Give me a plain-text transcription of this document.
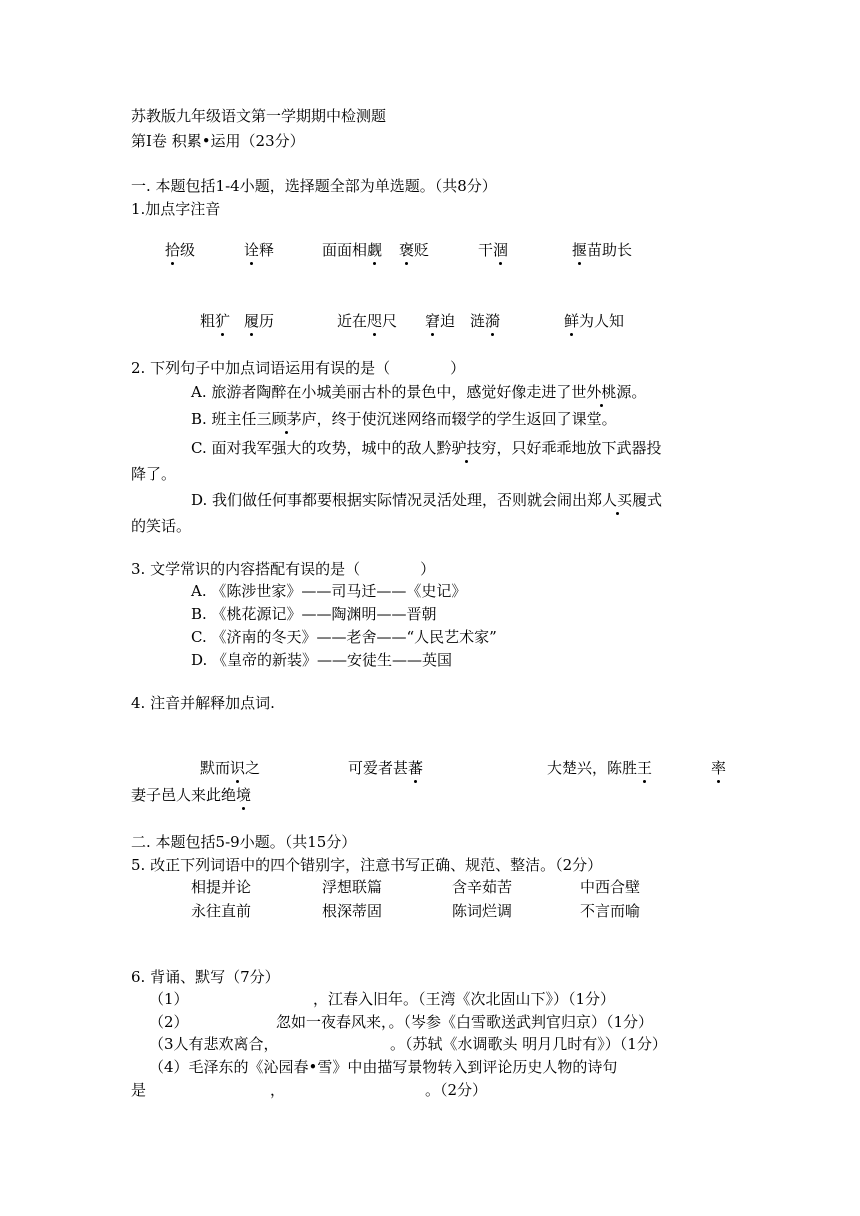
苏教版九年级语文第一学期期中检测题
第Ⅰ卷 积累•运用（23分）
一. 本题包括1-4小题，选择题全部为单选题。（共8分）
1.加点字注音
拾级	诠释	面面相觑 褒贬	干涸	揠苗助长
粗犷 履历	近在咫尺 窘迫 涟漪	鲜为人知
2. 下列句子中加点词语运用有误的是（　　　　）
A. 旅游者陶醉在小城美丽古朴的景色中，感觉好像走进了世外桃源。
B. 班主任三顾茅庐，终于使沉迷网络而辍学的学生返回了课堂。
C. 面对我军强大的攻势，城中的敌人黔驴技穷，只好乖乖地放下武器投
降了。
D. 我们做任何事都要根据实际情况灵活处理，否则就会闹出郑人买履式
的笑话。
3. 文学常识的内容搭配有误的是（　　　　）
A. 《陈涉世家》——司马迁——《史记》
B. 《桃花源记》——陶渊明——晋朝
C. 《济南的冬天》——老舍——“人民艺术家”
D. 《皇帝的新装》——安徒生——英国
4. 注音并解释加点词.
默而识之	可爱者甚蕃	大楚兴，陈胜王	率
妻子邑人来此绝境
二. 本题包括5-9小题。（共15分）
5. 改正下列词语中的四个错别字，注意书写正确、规范、整洁。（2分）
相提并论	浮想联篇	含辛茹苦	中西合壁
永往直前	根深蒂固	陈词烂调	不言而喻
6. 背诵、默写（7分）
（1）	，江春入旧年。（王湾《次北固山下》）（1分）
（2）	忽如一夜春风来，。（岑参《白雪歌送武判官归京）（1分）
（3人有悲欢离合，	。（苏轼《水调歌头 明月几时有》）（1分）
（4）毛泽东的《沁园春•雪》中由描写景物转入到评论历史人物的诗句
是	，	。（2分）
